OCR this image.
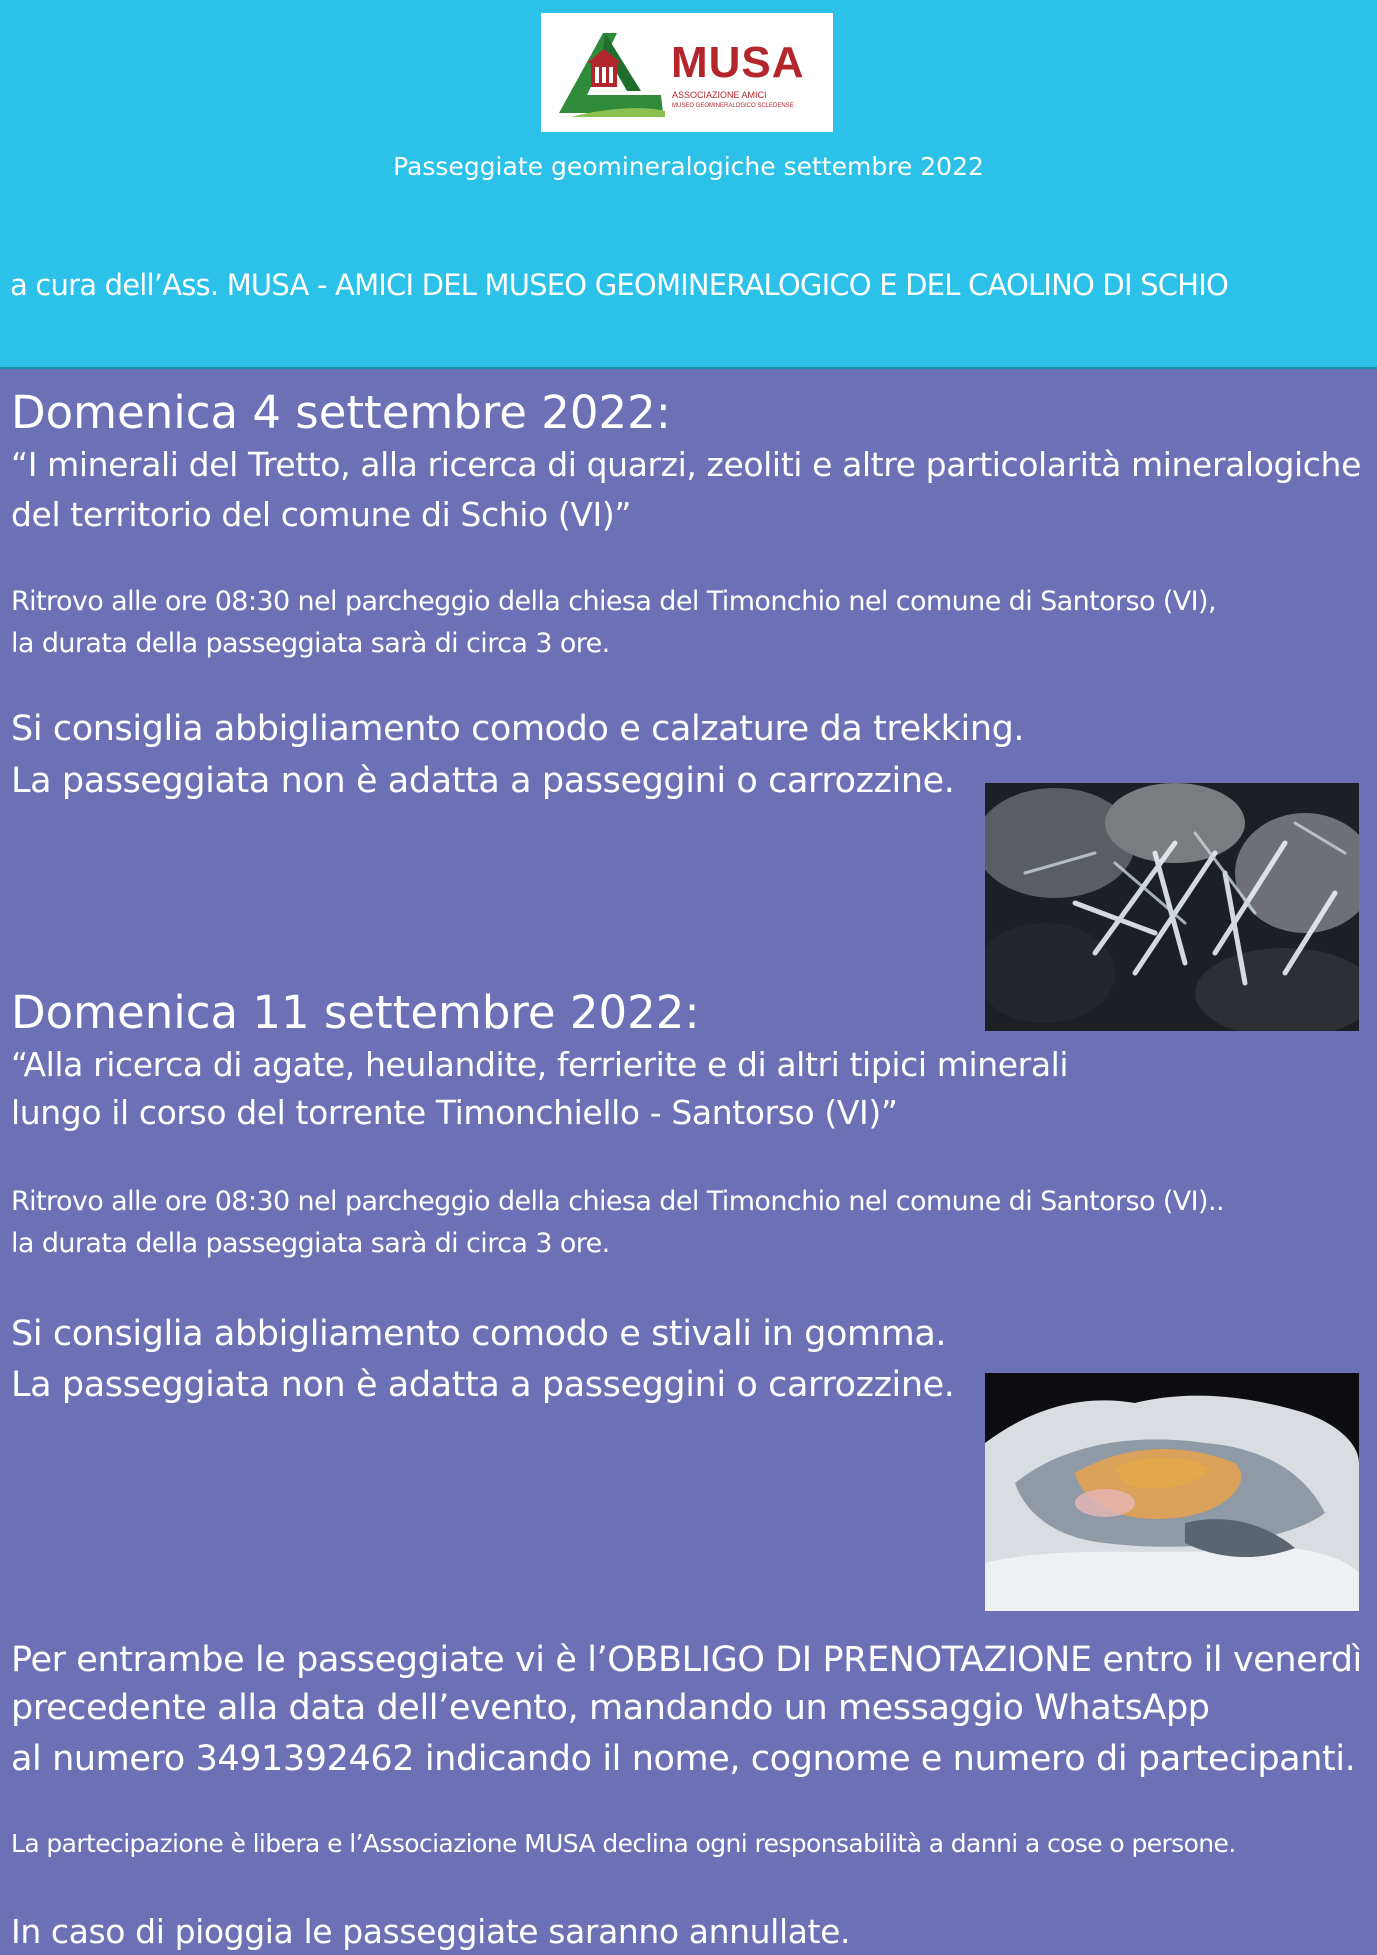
MUSA
ASSOCIAZIONE AMICI
MUSEO GEOMINERALOGICO SCLEDENSE
Passeggiate geomineralogiche settembre 2022
a cura dell’Ass. MUSA - AMICI DEL MUSEO GEOMINERALOGICO E DEL CAOLINO DI SCHIO
Domenica 4 settembre 2022:
“I minerali del Tretto, alla ricerca di quarzi, zeoliti e altre particolarità mineralogiche
del territorio del comune di Schio (VI)”
Ritrovo alle ore 08:30 nel parcheggio della chiesa del Timonchio nel comune di Santorso (VI),
la durata della passeggiata sarà di circa 3 ore.
Si consiglia abbigliamento comodo e calzature da trekking.
La passeggiata non è adatta a passeggini o carrozzine.
Domenica 11 settembre 2022:
“Alla ricerca di agate, heulandite, ferrierite e di altri tipici minerali
lungo il corso del torrente Timonchiello - Santorso (VI)”
Ritrovo alle ore 08:30 nel parcheggio della chiesa del Timonchio nel comune di Santorso (VI)..
la durata della passeggiata sarà di circa 3 ore.
Si consiglia abbigliamento comodo e stivali in gomma.
La passeggiata non è adatta a passeggini o carrozzine.
Per entrambe le passeggiate vi è l’OBBLIGO DI PRENOTAZIONE entro il venerdì
precedente alla data dell’evento, mandando un messaggio WhatsApp
al numero 3491392462 indicando il nome, cognome e numero di partecipanti.
La partecipazione è libera e l’Associazione MUSA declina ogni responsabilità a danni a cose o persone.
In caso di pioggia le passeggiate saranno annullate.
